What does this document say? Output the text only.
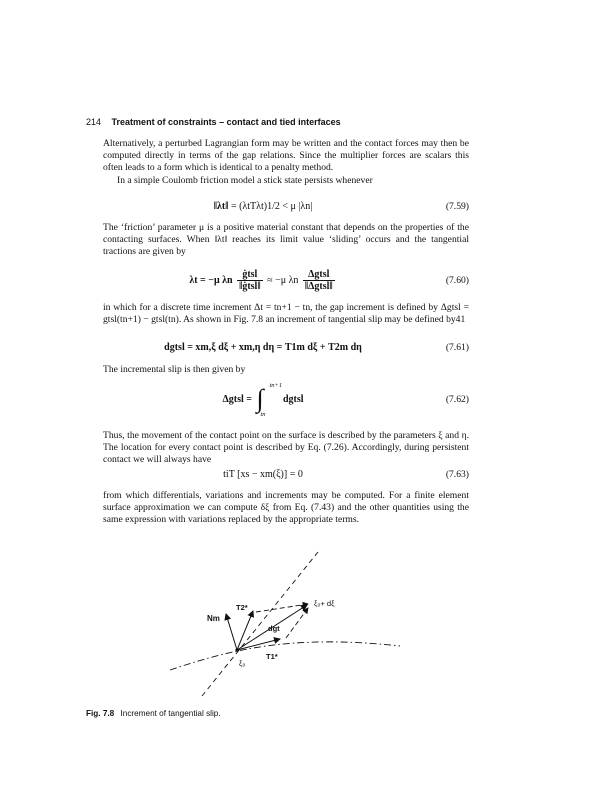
214 Treatment of constraints – contact and tied interfaces

Alternatively, a perturbed Lagrangian form may be written and the contact forces may then be computed directly in terms of the gap relations. Since the multiplier forces are scalars this often leads to a form which is identical to a penalty method.

In a simple Coulomb friction model a stick state persists whenever

‖λt‖ = (λtTλt)1/2 < μ |λn|	(7.59)

The ‘friction’ parameter μ is a positive material constant that depends on the properties of the contacting surfaces. When ‖λt‖ reaches its limit value ‘sliding’ occurs and the tangential tractions are given by

λt = −μ λn $\frac{\text{ġtsl}}{\text{‖ġtsl‖}} \approx -\mu$ λn $\frac{\text{Δgtsl}}{\text{‖Δgtsl‖}}$	(7.60)

in which for a discrete time increment Δt = tn+1 − tn, the gap increment is defined by Δgtsl = gtsl(tn+1) − gtsl(tn). As shown in Fig. 7.8 an increment of tangential slip may be defined by41

dgtsl = xm,ξ dξ + xm,η dη = T1m dξ + T2m dη	(7.61)

The incremental slip is then given by

Δgtsl = ∫ tn+1
tn
dgtsl	(7.62)

Thus, the movement of the contact point on the surface is described by the parameters ξ and η. The location for every contact point is described by Eq. (7.26). Accordingly, during persistent contact we will always have

tiT [xs − xm(ξ)] = 0	(7.63)

from which differentials, variations and increments may be computed. For a finite element surface approximation we can compute δξ from Eq. (7.43) and the other quantities using the same expression with variations replaced by the appropriate terms.

Nm
T2*
dgt
T1*
ξ₀
ξ₀+ dξ
Fig. 7.8 Increment of tangential slip.
